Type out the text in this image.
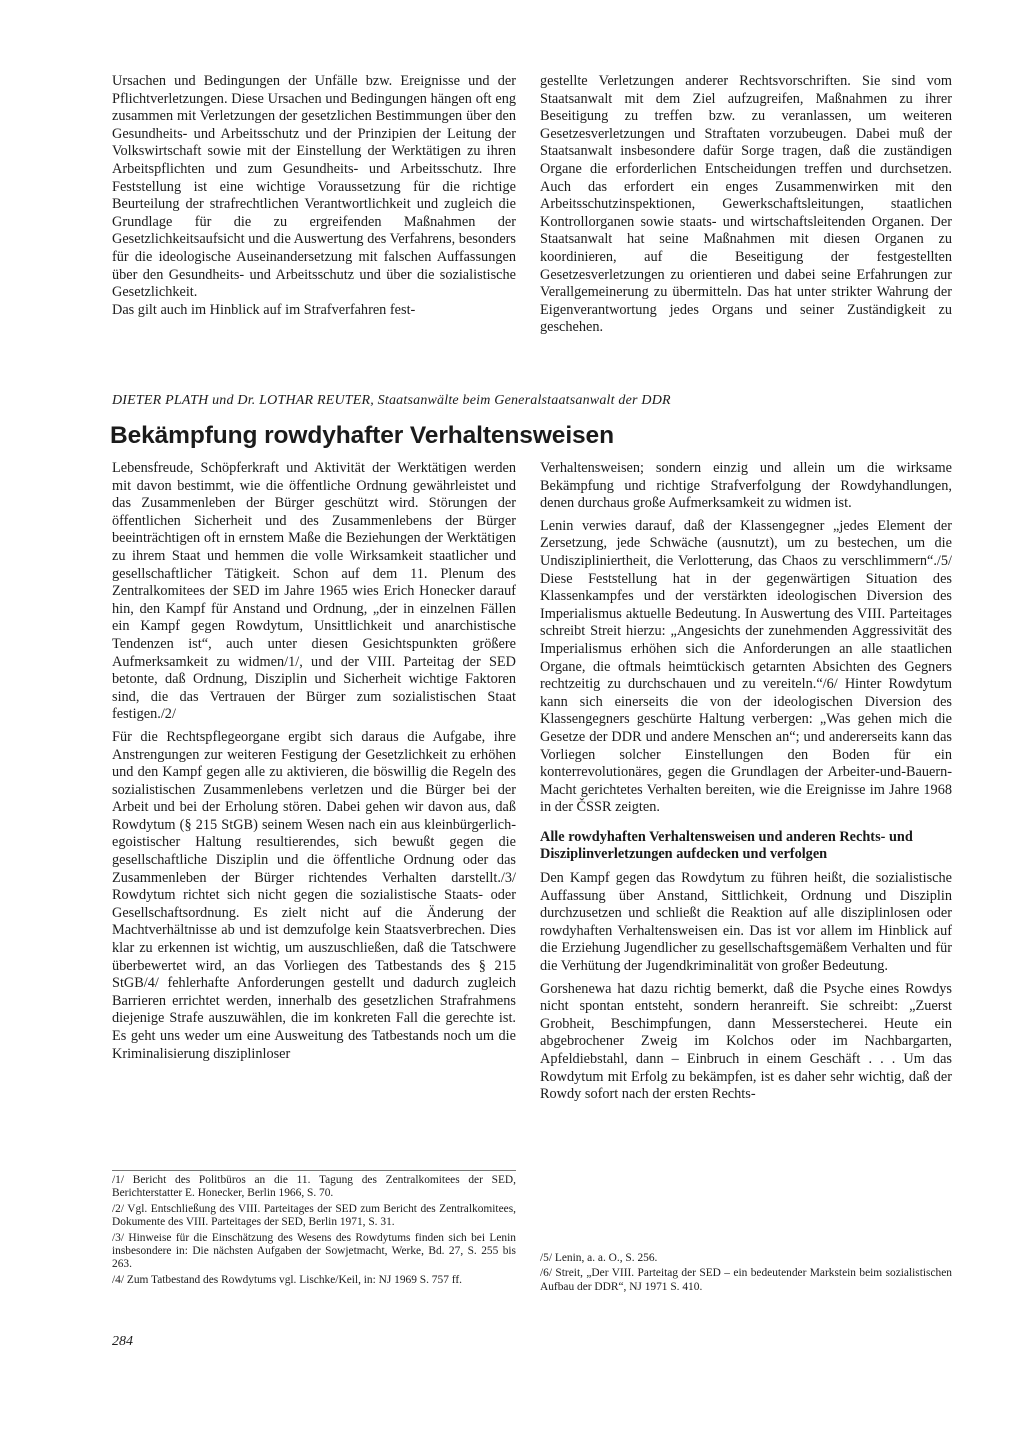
Ursachen und Bedingungen der Unfälle bzw. Ereignisse und der Pflichtverletzungen. Diese Ursachen und Bedingungen hängen oft eng zusammen mit Verletzungen der gesetzlichen Bestimmungen über den Gesundheits- und Arbeitsschutz und der Prinzipien der Leitung der Volkswirtschaft sowie mit der Einstellung der Werktätigen zu ihren Arbeitspflichten und zum Gesundheits- und Arbeitsschutz. Ihre Feststellung ist eine wichtige Voraussetzung für die richtige Beurteilung der strafrechtlichen Verantwortlichkeit und zugleich die Grundlage für die zu ergreifenden Maßnahmen der Gesetzlichkeitsaufsicht und die Auswertung des Verfahrens, besonders für die ideologische Auseinandersetzung mit falschen Auffassungen über den Gesundheits- und Arbeitsschutz und über die sozialistische Gesetzlichkeit.

Das gilt auch im Hinblick auf im Strafverfahren fest-

gestellte Verletzungen anderer Rechtsvorschriften. Sie sind vom Staatsanwalt mit dem Ziel aufzugreifen, Maßnahmen zu ihrer Beseitigung zu treffen bzw. zu veranlassen, um weiteren Gesetzesverletzungen und Straftaten vorzubeugen. Dabei muß der Staatsanwalt insbesondere dafür Sorge tragen, daß die zuständigen Organe die erforderlichen Entscheidungen treffen und durchsetzen. Auch das erfordert ein enges Zusammenwirken mit den Arbeitsschutzinspektionen, Gewerkschaftsleitungen, staatlichen Kontrollorganen sowie staats- und wirtschaftsleitenden Organen. Der Staatsanwalt hat seine Maßnahmen mit diesen Organen zu koordinieren, auf die Beseitigung der festgestellten Gesetzesverletzungen zu orientieren und dabei seine Erfahrungen zur Verallgemeinerung zu übermitteln. Das hat unter strikter Wahrung der Eigenverantwortung jedes Organs und seiner Zuständigkeit zu geschehen.

DIETER PLATH und Dr. LOTHAR REUTER, Staatsanwälte beim Generalstaatsanwalt der DDR
Bekämpfung rowdyhafter Verhaltensweisen

Lebensfreude, Schöpferkraft und Aktivität der Werktätigen werden mit davon bestimmt, wie die öffentliche Ordnung gewährleistet und das Zusammenleben der Bürger geschützt wird. Störungen der öffentlichen Sicherheit und des Zusammenlebens der Bürger beeinträchtigen oft in ernstem Maße die Beziehungen der Werktätigen zu ihrem Staat und hemmen die volle Wirksamkeit staatlicher und gesellschaftlicher Tätigkeit. Schon auf dem 11. Plenum des Zentralkomitees der SED im Jahre 1965 wies Erich Honecker darauf hin, den Kampf für Anstand und Ordnung, „der in einzelnen Fällen ein Kampf gegen Rowdytum, Unsittlichkeit und anarchistische Tendenzen ist“, auch unter diesen Gesichtspunkten größere Aufmerksamkeit zu widmen/1/, und der VIII. Parteitag der SED betonte, daß Ordnung, Disziplin und Sicherheit wichtige Faktoren sind, die das Vertrauen der Bürger zum sozialistischen Staat festigen./2/

Für die Rechtspflegeorgane ergibt sich daraus die Aufgabe, ihre Anstrengungen zur weiteren Festigung der Gesetzlichkeit zu erhöhen und den Kampf gegen alle zu aktivieren, die böswillig die Regeln des sozialistischen Zusammenlebens verletzen und die Bürger bei der Arbeit und bei der Erholung stören. Dabei gehen wir davon aus, daß Rowdytum (§ 215 StGB) seinem Wesen nach ein aus kleinbürgerlich-egoistischer Haltung resultierendes, sich bewußt gegen die gesellschaftliche Disziplin und die öffentliche Ordnung oder das Zusammenleben der Bürger richtendes Verhalten darstellt./3/ Rowdytum richtet sich nicht gegen die sozialistische Staats- oder Gesellschaftsordnung. Es zielt nicht auf die Änderung der Machtverhältnisse ab und ist demzufolge kein Staatsverbrechen. Dies klar zu erkennen ist wichtig, um auszuschließen, daß die Tatschwere überbewertet wird, an das Vorliegen des Tatbestands des § 215 StGB/4/ fehlerhafte Anforderungen gestellt und dadurch zugleich Barrieren errichtet werden, innerhalb des gesetzlichen Strafrahmens diejenige Strafe auszuwählen, die im konkreten Fall die gerechte ist. Es geht uns weder um eine Ausweitung des Tatbestands noch um die Kriminalisierung disziplinloser

Verhaltensweisen; sondern einzig und allein um die wirksame Bekämpfung und richtige Strafverfolgung der Rowdyhandlungen, denen durchaus große Aufmerksamkeit zu widmen ist.

Lenin verwies darauf, daß der Klassengegner „jedes Element der Zersetzung, jede Schwäche (ausnutzt), um zu bestechen, um die Undiszipliniertheit, die Verlotterung, das Chaos zu verschlimmern“./5/ Diese Feststellung hat in der gegenwärtigen Situation des Klassenkampfes und der verstärkten ideologischen Diversion des Imperialismus aktuelle Bedeutung. In Auswertung des VIII. Parteitages schreibt Streit hierzu: „Angesichts der zunehmenden Aggressivität des Imperialismus erhöhen sich die Anforderungen an alle staatlichen Organe, die oftmals heimtückisch getarnten Absichten des Gegners rechtzeitig zu durchschauen und zu vereiteln.“/6/ Hinter Rowdytum kann sich einerseits die von der ideologischen Diversion des Klassengegners geschürte Haltung verbergen: „Was gehen mich die Gesetze der DDR und andere Menschen an“; und andererseits kann das Vorliegen solcher Einstellungen den Boden für ein konterrevolutionäres, gegen die Grundlagen der Arbeiter-und-Bauern-Macht gerichtetes Verhalten bereiten, wie die Ereignisse im Jahre 1968 in der ČSSR zeigten.

Alle rowdyhaften Verhaltensweisen und anderen Rechts- und Disziplinverletzungen aufdecken und verfolgen

Den Kampf gegen das Rowdytum zu führen heißt, die sozialistische Auffassung über Anstand, Sittlichkeit, Ordnung und Disziplin durchzusetzen und schließt die Reaktion auf alle disziplinlosen oder rowdyhaften Verhaltensweisen ein. Das ist vor allem im Hinblick auf die Erziehung Jugendlicher zu gesellschaftsgemäßem Verhalten und für die Verhütung der Jugendkriminalität von großer Bedeutung.

Gorshenewa hat dazu richtig bemerkt, daß die Psyche eines Rowdys nicht spontan entsteht, sondern heranreift. Sie schreibt: „Zuerst Grobheit, Beschimpfungen, dann Messerstecherei. Heute ein abgebrochener Zweig im Kolchos oder im Nachbargarten, Apfeldiebstahl, dann – Einbruch in einem Geschäft . . . Um das Rowdytum mit Erfolg zu bekämpfen, ist es daher sehr wichtig, daß der Rowdy sofort nach der ersten Rechts-

/1/ Bericht des Politbüros an die 11. Tagung des Zentralkomitees der SED, Berichterstatter E. Honecker, Berlin 1966, S. 70.

/2/ Vgl. Entschließung des VIII. Parteitages der SED zum Bericht des Zentralkomitees, Dokumente des VIII. Parteitages der SED, Berlin 1971, S. 31.

/3/ Hinweise für die Einschätzung des Wesens des Rowdytums finden sich bei Lenin insbesondere in: Die nächsten Aufgaben der Sowjetmacht, Werke, Bd. 27, S. 255 bis 263.

/4/ Zum Tatbestand des Rowdytums vgl. Lischke/Keil, in: NJ 1969 S. 757 ff.

/5/ Lenin, a. a. O., S. 256.

/6/ Streit, „Der VIII. Parteitag der SED – ein bedeutender Markstein beim sozialistischen Aufbau der DDR“, NJ 1971 S. 410.

284
